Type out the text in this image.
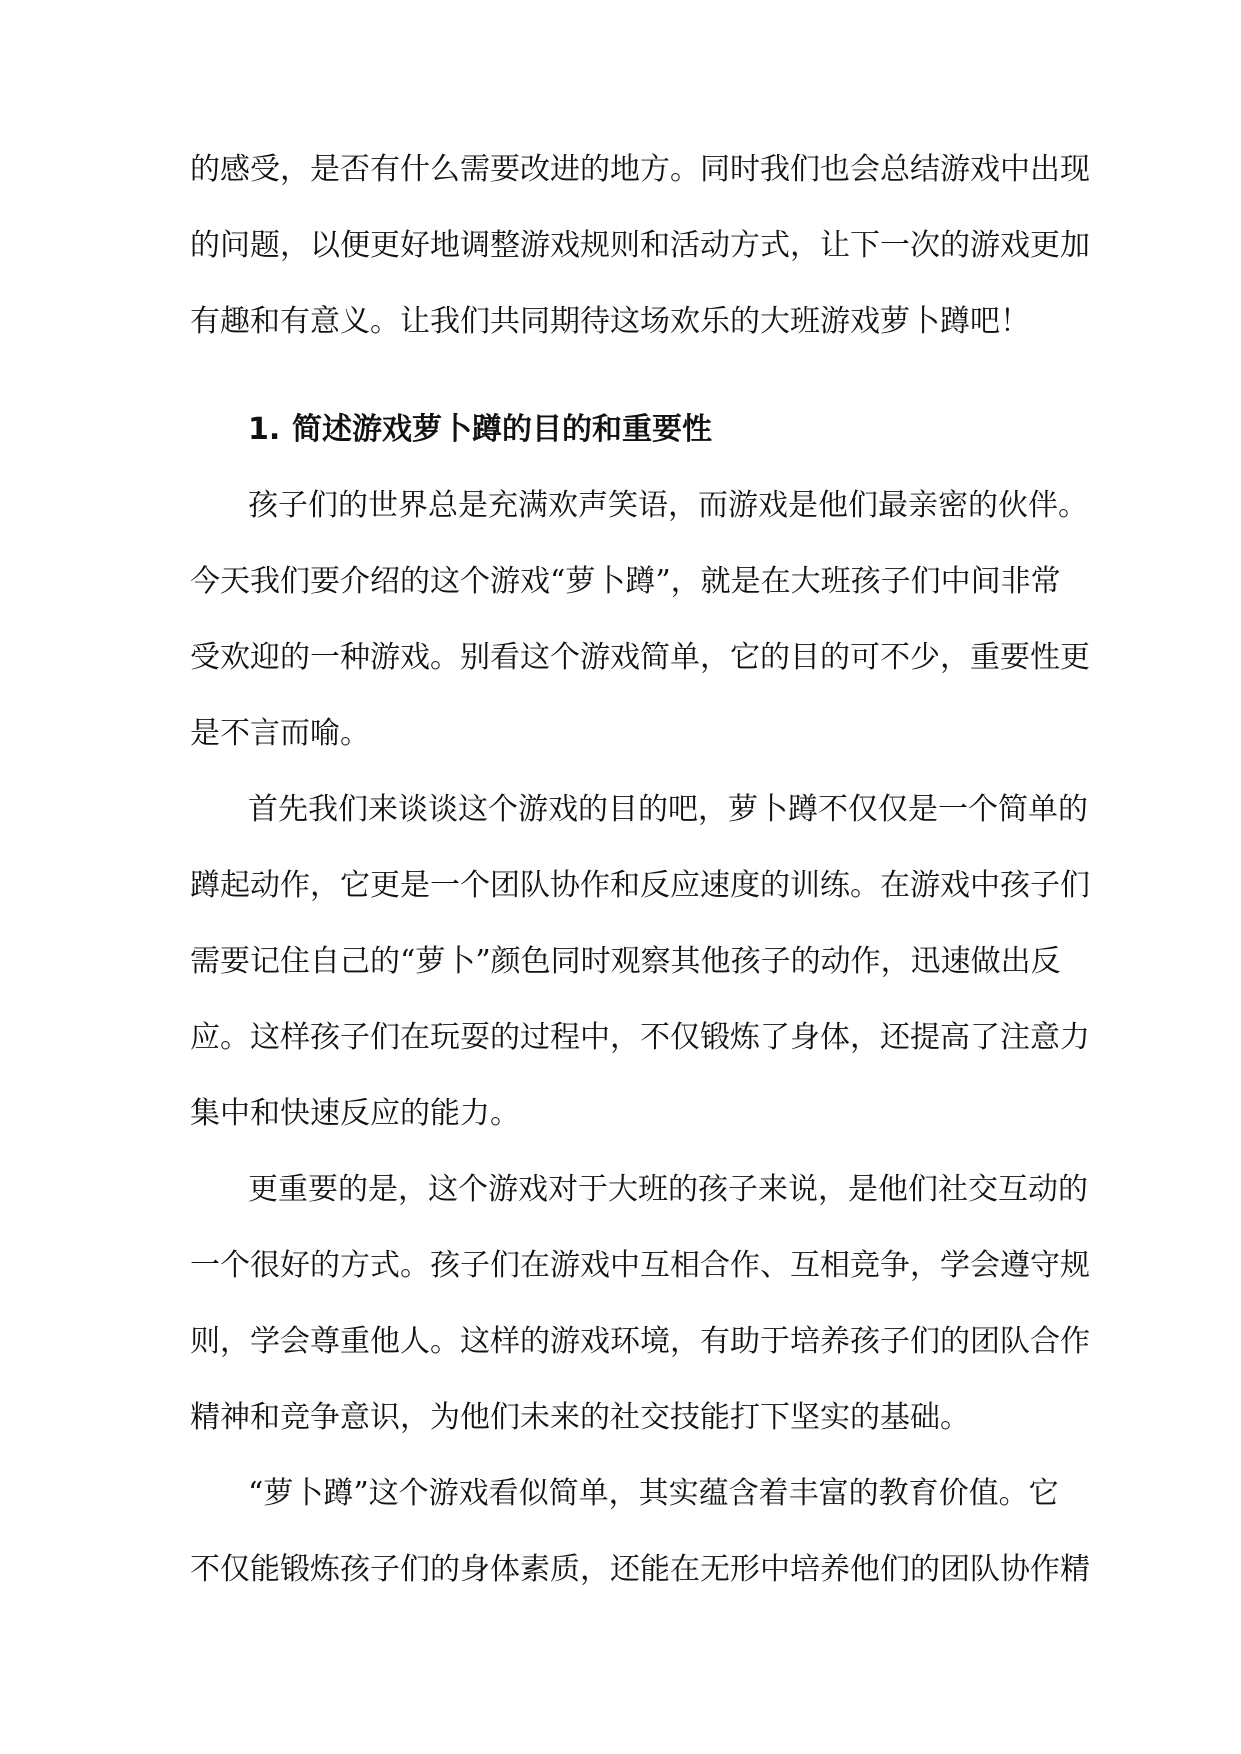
的感受，是否有什么需要改进的地方。同时我们也会总结游戏中出现

的问题，以便更好地调整游戏规则和活动方式，让下一次的游戏更加

有趣和有意义。让我们共同期待这场欢乐的大班游戏萝卜蹲吧！

1. 简述游戏萝卜蹲的目的和重要性

孩子们的世界总是充满欢声笑语，而游戏是他们最亲密的伙伴。

今天我们要介绍的这个游戏“萝卜蹲”，就是在大班孩子们中间非常

受欢迎的一种游戏。别看这个游戏简单，它的目的可不少，重要性更

是不言而喻。

首先我们来谈谈这个游戏的目的吧，萝卜蹲不仅仅是一个简单的

蹲起动作，它更是一个团队协作和反应速度的训练。在游戏中孩子们

需要记住自己的“萝卜”颜色同时观察其他孩子的动作，迅速做出反

应。这样孩子们在玩耍的过程中，不仅锻炼了身体，还提高了注意力

集中和快速反应的能力。

更重要的是，这个游戏对于大班的孩子来说，是他们社交互动的

一个很好的方式。孩子们在游戏中互相合作、互相竞争，学会遵守规

则，学会尊重他人。这样的游戏环境，有助于培养孩子们的团队合作

精神和竞争意识，为他们未来的社交技能打下坚实的基础。

“萝卜蹲”这个游戏看似简单，其实蕴含着丰富的教育价值。它

不仅能锻炼孩子们的身体素质，还能在无形中培养他们的团队协作精
